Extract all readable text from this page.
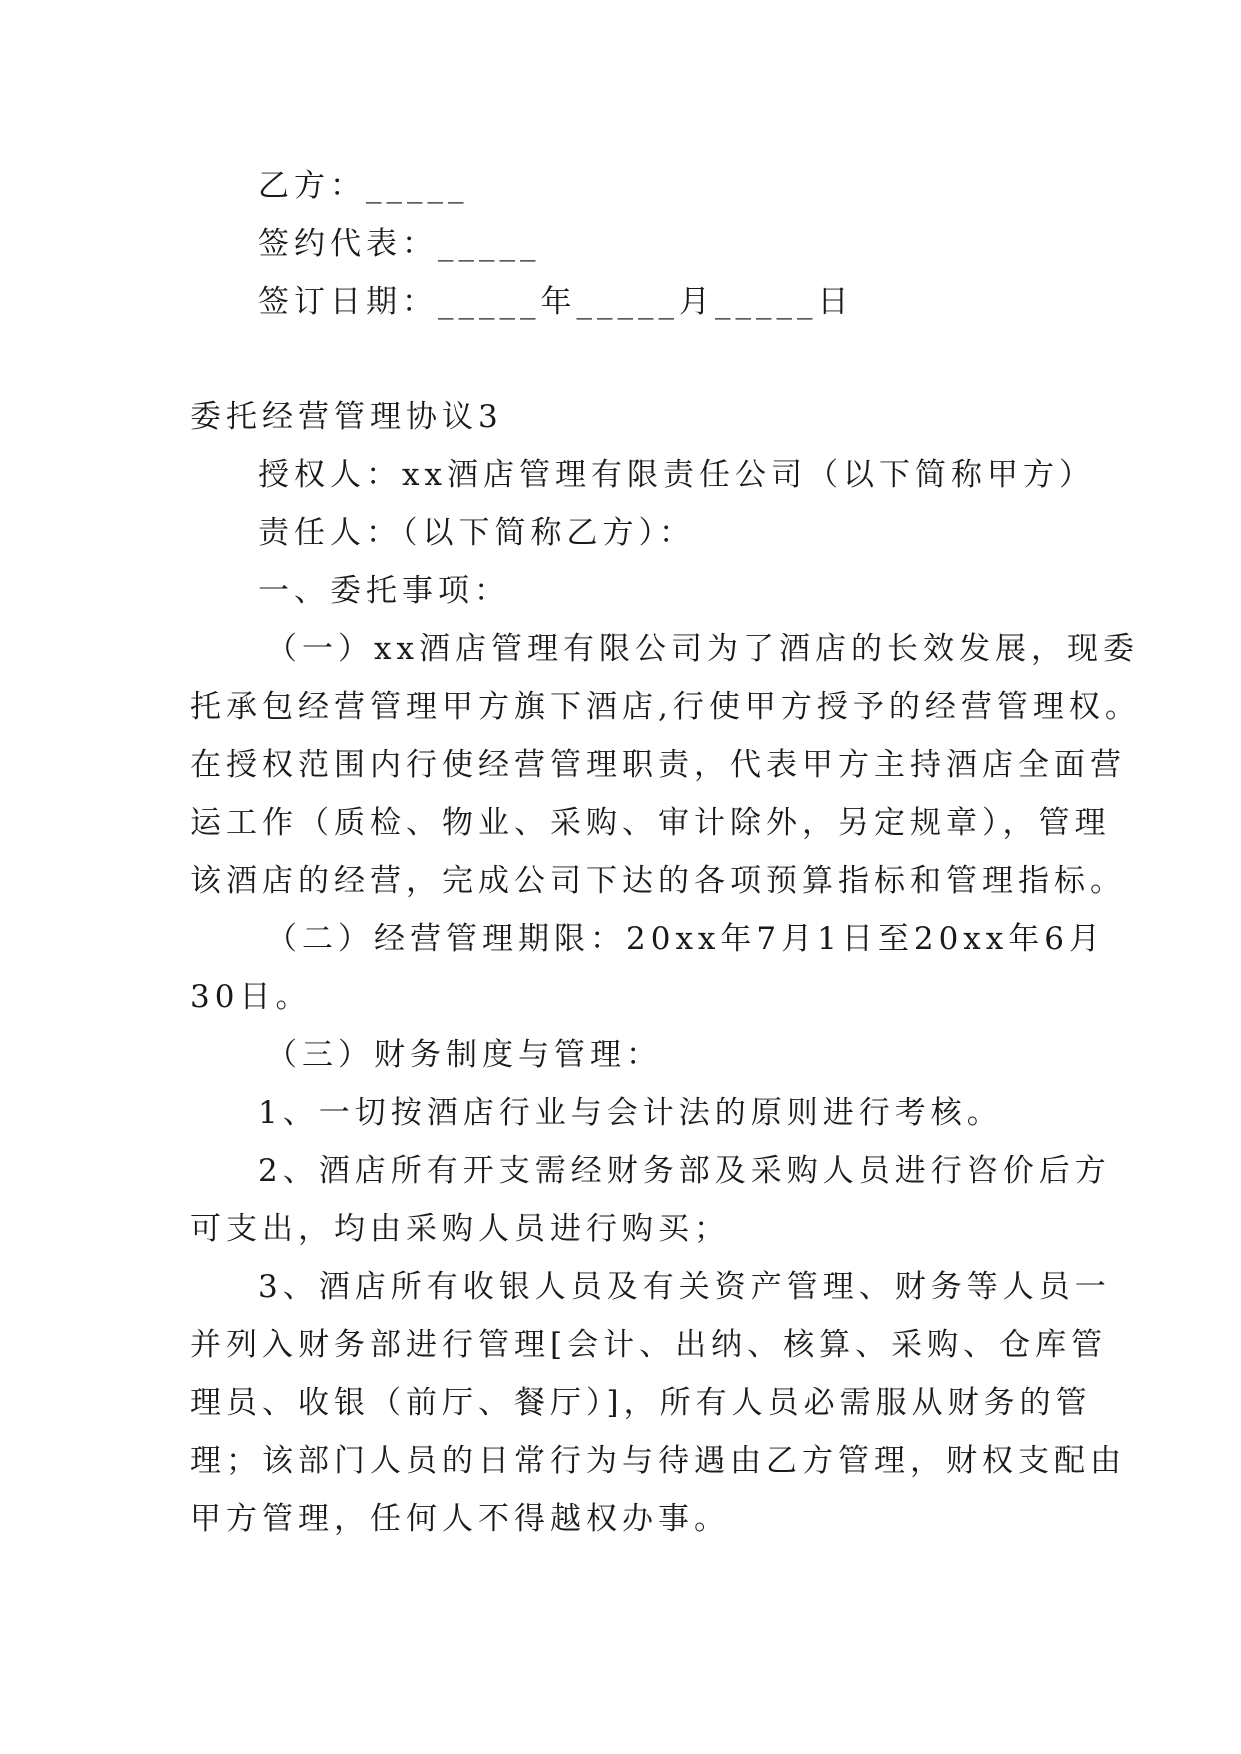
乙方：_____
签约代表：_____
签订日期：_____年_____月_____日
委托经营管理协议3
授权人：xx酒店管理有限责任公司（以下简称甲方）
责任人：（以下简称乙方）：
一、委托事项：
（一）xx酒店管理有限公司为了酒店的长效发展，现委
托承包经营管理甲方旗下酒店,行使甲方授予的经营管理权。
在授权范围内行使经营管理职责，代表甲方主持酒店全面营
运工作（质检、物业、采购、审计除外，另定规章），管理
该酒店的经营，完成公司下达的各项预算指标和管理指标。
（二）经营管理期限：20xx年7月1日至20xx年6月
30日。
（三）财务制度与管理：
1、一切按酒店行业与会计法的原则进行考核。
2、酒店所有开支需经财务部及采购人员进行咨价后方
可支出，均由采购人员进行购买；
3、酒店所有收银人员及有关资产管理、财务等人员一
并列入财务部进行管理[会计、出纳、核算、采购、仓库管
理员、收银（前厅、餐厅）]，所有人员必需服从财务的管
理；该部门人员的日常行为与待遇由乙方管理，财权支配由
甲方管理，任何人不得越权办事。
